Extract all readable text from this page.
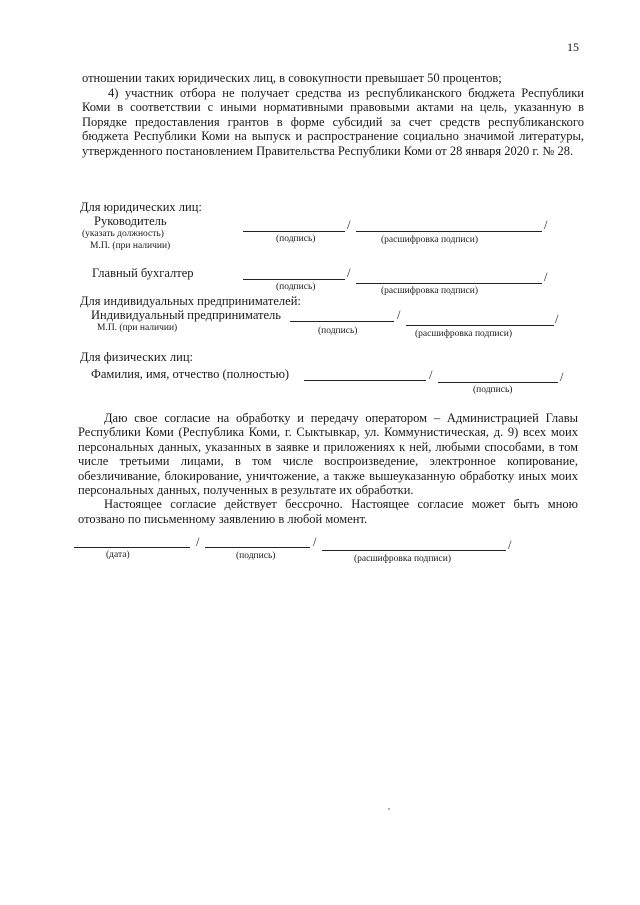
15

отношении таких юридических лиц, в совокупности превышает 50 процентов;

4) участник отбора не получает средства из республиканского бюджета Республики Коми в соответствии с иными нормативными правовыми актами на цель, указанную в Порядке предоставления грантов в форме субсидий за счет средств республиканского бюджета Республики Коми на выпуск и распространение социально значимой литературы, утвержденного постановлением Правительства Республики Коми от 28 января 2020 г. № 28.

Для юридических лиц:
Руководитель
(указать должность)
М.П. (при наличии)
/	/
(подпись)	(расшифровка подписи)
Главный бухгалтер	/	/
(подпись)	(расшифровка подписи)
Для индивидуальных предпринимателей:
Индивидуальный предприниматель	/	/
М.П. (при наличии)	(подпись)	(расшифровка подписи)
Для физических лиц:
Фамилия, имя, отчество (полностью)	/	/
(подпись)

Даю свое согласие на обработку и передачу оператором – Администрацией Главы Республики Коми (Республика Коми, г. Сыктывкар, ул. Коммунистическая, д. 9) всех моих персональных данных, указанных в заявке и приложениях к ней, любыми способами, в том числе третьими лицами, в том числе воспроизведение, электронное копирование, обезличивание, блокирование, уничтожение, а также вышеуказанную обработку иных моих персональных данных, полученных в результате их обработки.

Настоящее согласие действует бессрочно. Настоящее согласие может быть мною отозвано по письменному заявлению в любой момент.

/	/	/
(дата)	(подпись)	(расшифровка подписи)
